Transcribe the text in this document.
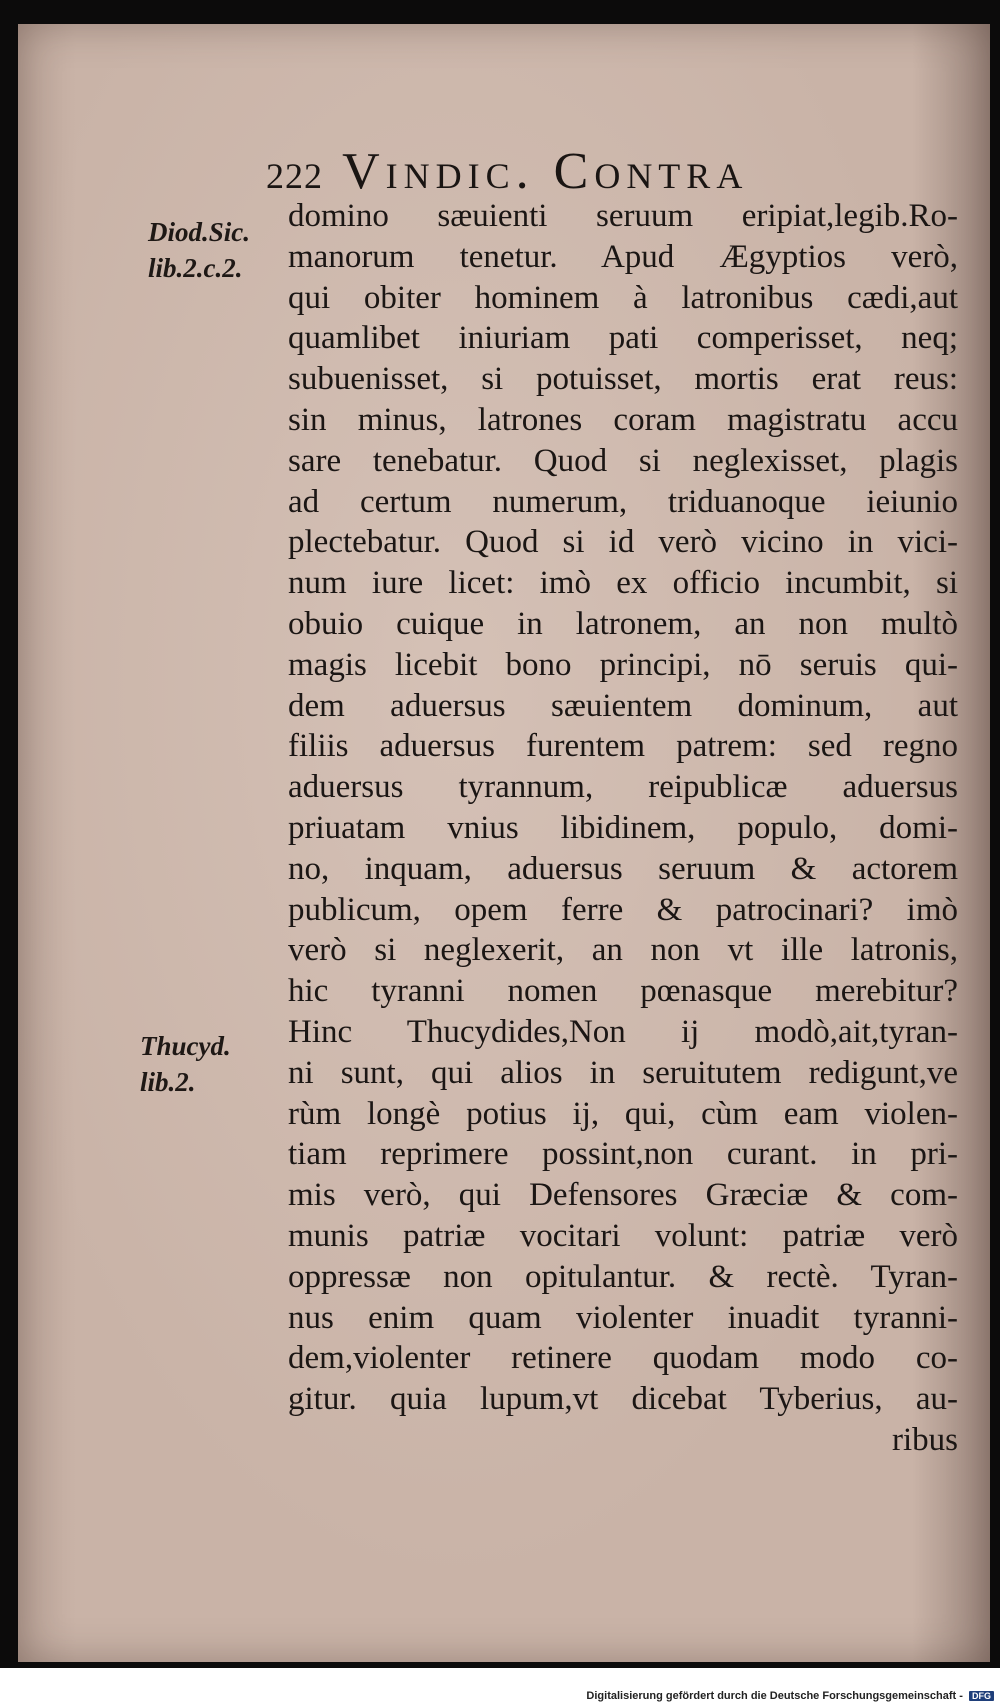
222 Vindic. Contra
Diod.Sic.
lib.2.c.2.
Thucyd.
lib.2.
domino sæuienti seruum eripiat,legib.Ro-
manorum tenetur. Apud Ægyptios verò,
qui obiter hominem à latronibus cædi,aut
quamlibet iniuriam pati comperisset, neq;
subuenisset, si potuisset, mortis erat reus:
sin minus, latrones coram magistratu accu
sare tenebatur. Quod si neglexisset, plagis
ad certum numerum, triduanoque ieiunio
plectebatur. Quod si id verò vicino in vici-
num iure licet: imò ex officio incumbit, si
obuio cuique in latronem, an non multò
magis licebit bono principi, nō seruis qui-
dem aduersus sæuientem dominum, aut
filiis aduersus furentem patrem: sed regno
aduersus tyrannum, reipublicæ aduersus
priuatam vnius libidinem, populo, domi-
no, inquam, aduersus seruum & actorem
publicum, opem ferre & patrocinari? imò
verò si neglexerit, an non vt ille latronis,
hic tyranni nomen pœnasque merebitur?
Hinc Thucydides,Non ij modò,ait,tyran-
ni sunt, qui alios in seruitutem redigunt,ve
rùm longè potius ij, qui, cùm eam violen-
tiam reprimere possint,non curant. in pri-
mis verò, qui Defensores Græciæ & com-
munis patriæ vocitari volunt: patriæ verò
oppressæ non opitulantur. & rectè. Tyran-
nus enim quam violenter inuadit tyranni-
dem,violenter retinere quodam modo co-
gitur. quia lupum,vt dicebat Tyberius, au-
ribus
Digitalisierung gefördert durch die Deutsche Forschungsgemeinschaft - DFG
